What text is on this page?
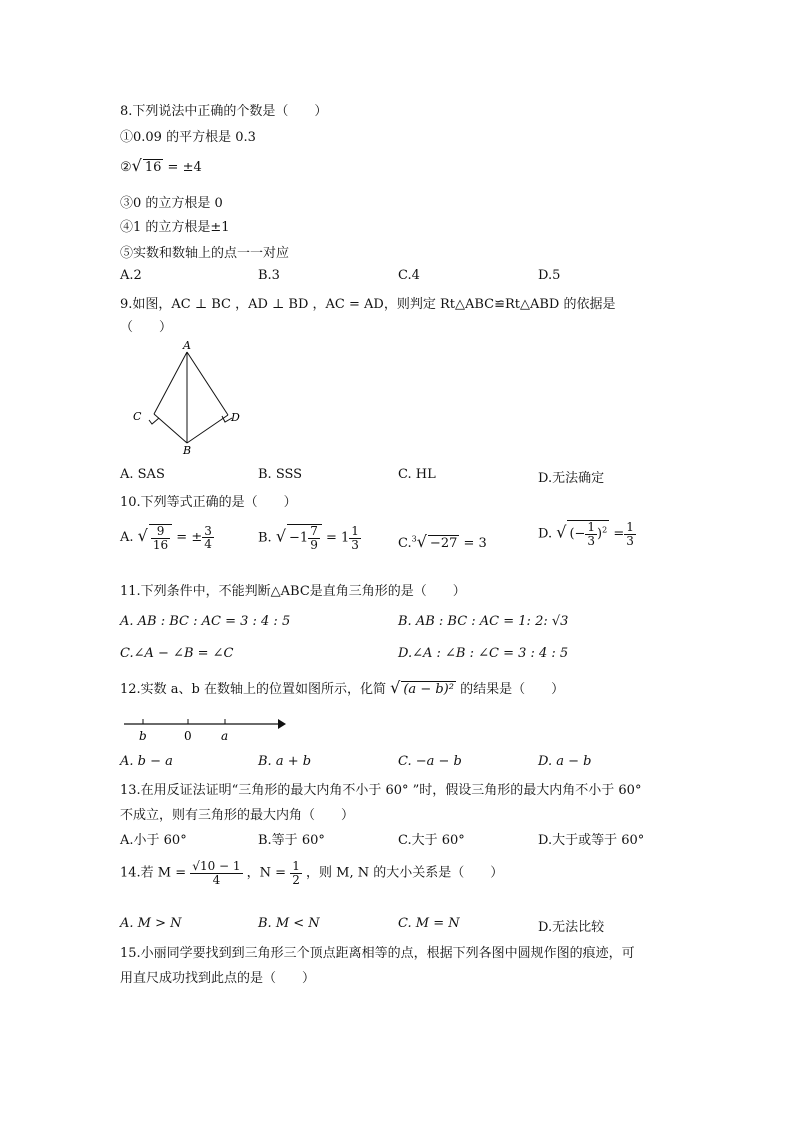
8.下列说法中正确的个数是（　　）
①0.09 的平方根是 0.3
②√ 16 = ±4
③0 的立方根是 0
④1 的立方根是±1
⑤实数和数轴上的点一一对应
A.2	B.3	C.4	D.5
9.如图，AC ⊥ BC ，AD ⊥ BD ，AC = AD，则判定 Rt△ABC≌Rt△ABD 的依据是
（　　）
A
C	D
B
A. SAS	B. SSS	C. HL	D.无法确定
10.下列等式正确的是（　　）
A. √ $\frac{9}{16}$ = ± $\frac{3}{4}$	B. √ $-1 \frac{7}{9} = 1 \frac{1}{3}$	C.$^3$√ −27 = 3
D. √ (− $\frac{1}{3} )^2 = \frac{1}{3}$
11.下列条件中，不能判断△ABC是直角三角形的是（　　）
A. AB : BC : AC = 3 : 4 : 5	B. AB : BC : AC = 1: 2: √3
C.∠A − ∠B = ∠C	D.∠A : ∠B : ∠C = 3 : 4 : 5
12.实数 a、b 在数轴上的位置如图所示，化简 √ (a − b)² 的结果是（　　）
b	0 a
A. b − a	B. a + b	C. −a − b	D. a − b
13.在用反证法证明“三角形的最大内角不小于 60° ”时，假设三角形的最大内角不小于 60°
不成立，则有三角形的最大内角（　　）
A.小于 60°	B.等于 60°	C.大于 60°	D.大于或等于 60°
14.若 $M = \frac{√10 - 1}{4}$ ，$N = \frac{1}{2}$ ，则 M, N 的大小关系是（　　）
A. M > N	B. M < N	C. M = N	D.无法比较
15.小丽同学要找到到三角形三个顶点距离相等的点，根据下列各图中圆规作图的痕迹，可
用直尺成功找到此点的是（　　）
